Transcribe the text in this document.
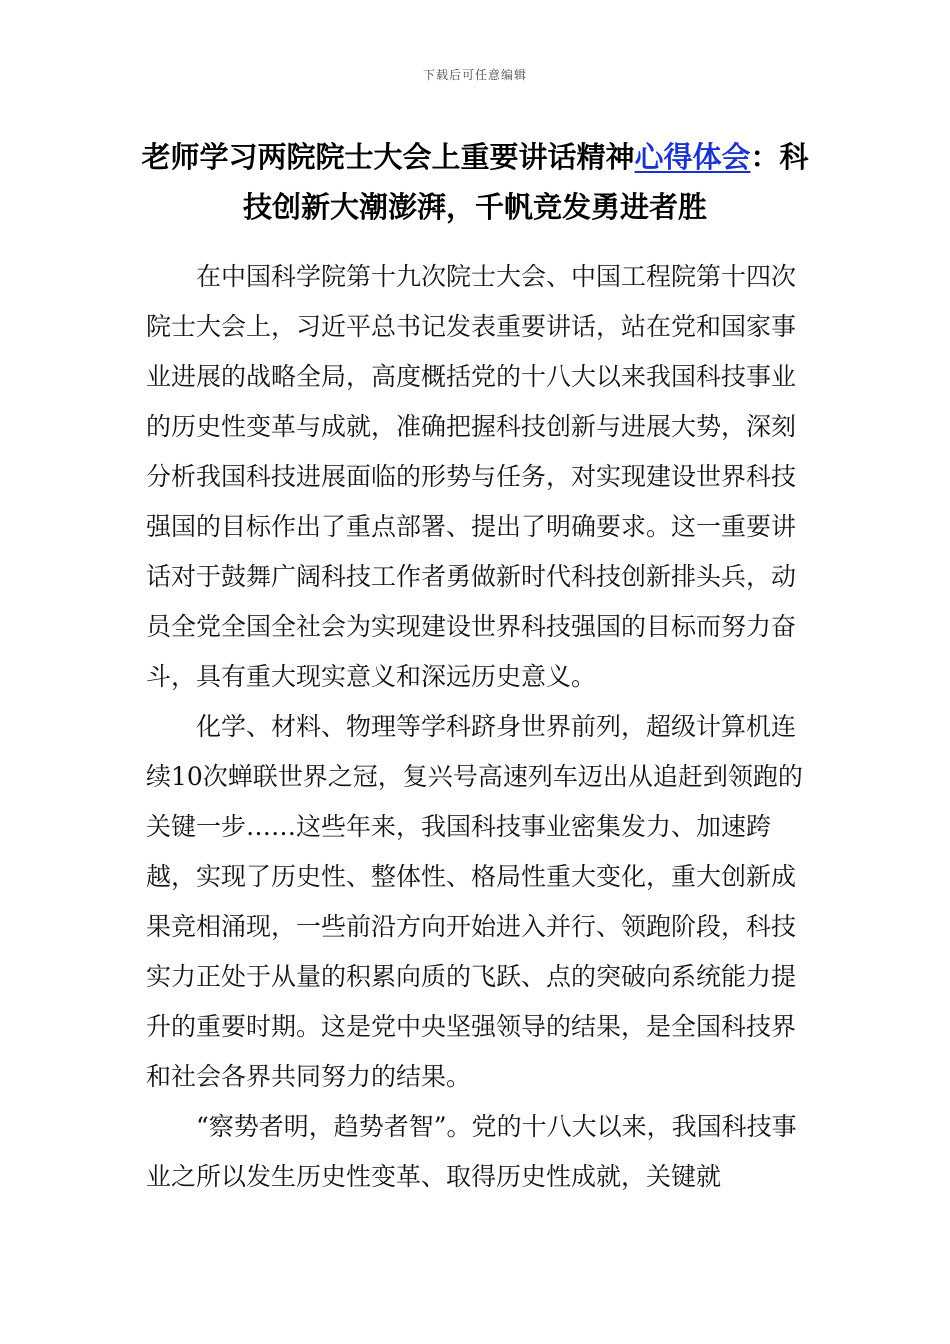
下载后可任意编辑
老师学习两院院士大会上重要讲话精神心得体会：科技创新大潮澎湃，千帆竞发勇进者胜

在中国科学院第十九次院士大会、中国工程院第十四次院士大会上，习近平总书记发表重要讲话，站在党和国家事业进展的战略全局，高度概括党的十八大以来我国科技事业的历史性变革与成就，准确把握科技创新与进展大势，深刻分析我国科技进展面临的形势与任务，对实现建设世界科技强国的目标作出了重点部署、提出了明确要求。这一重要讲话对于鼓舞广阔科技工作者勇做新时代科技创新排头兵，动员全党全国全社会为实现建设世界科技强国的目标而努力奋斗，具有重大现实意义和深远历史意义。

化学、材料、物理等学科跻身世界前列，超级计算机连续10次蝉联世界之冠，复兴号高速列车迈出从追赶到领跑的关键一步……这些年来，我国科技事业密集发力、加速跨越，实现了历史性、整体性、格局性重大变化，重大创新成果竞相涌现，一些前沿方向开始进入并行、领跑阶段，科技实力正处于从量的积累向质的飞跃、点的突破向系统能力提升的重要时期。这是党中央坚强领导的结果，是全国科技界和社会各界共同努力的结果。

“察势者明，趋势者智”。党的十八大以来，我国科技事业之所以发生历史性变革、取得历史性成就，关键就
